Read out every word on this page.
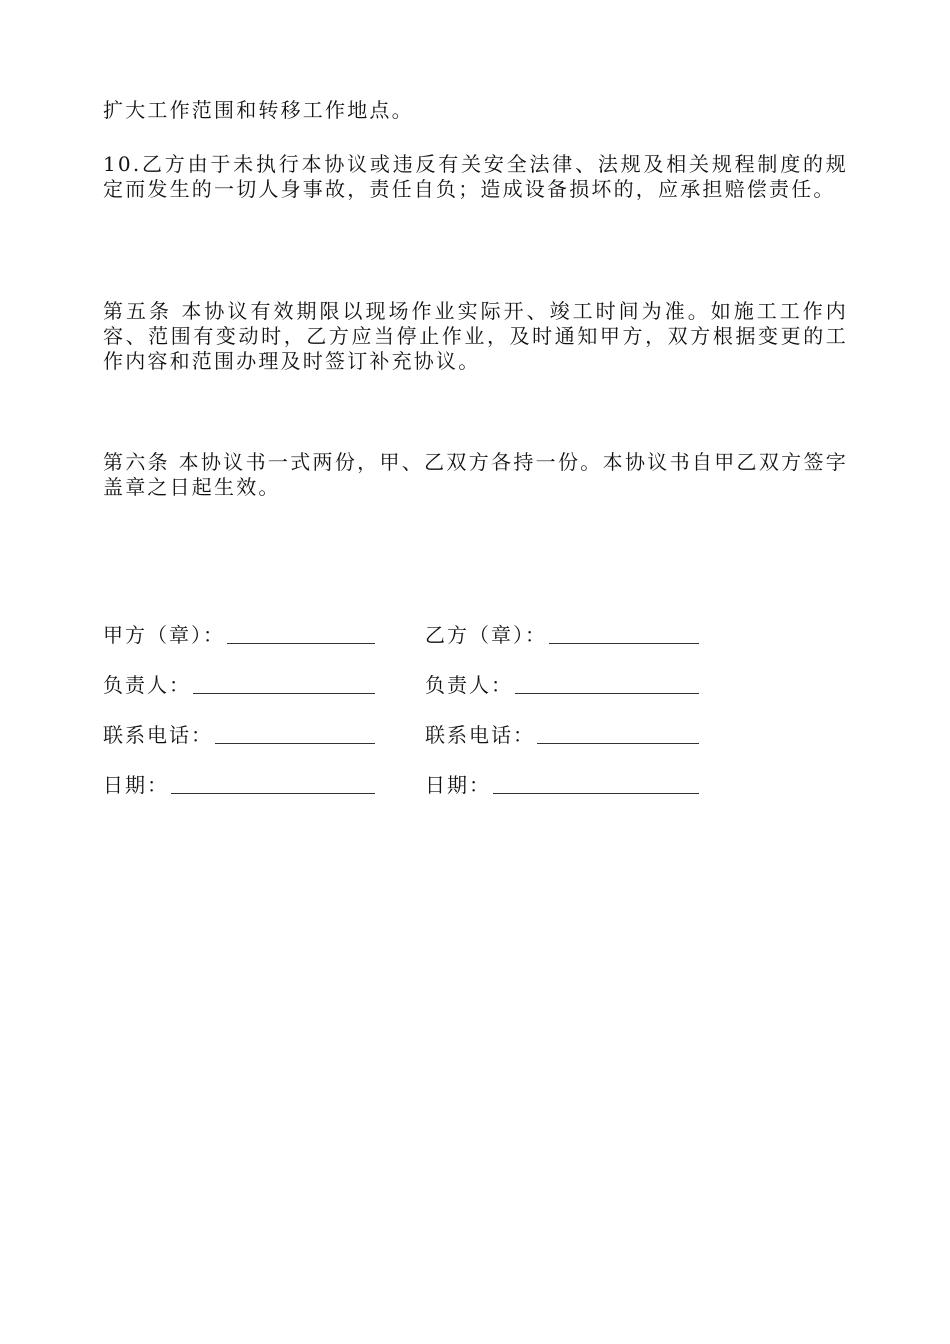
扩大工作范围和转移工作地点。

10.乙方由于未执行本协议或违反有关安全法律、法规及相关规程制度的规定而发生的一切人身事故，责任自负；造成设备损坏的，应承担赔偿责任。

第五条 本协议有效期限以现场作业实际开、竣工时间为准。如施工工作内容、范围有变动时，乙方应当停止作业，及时通知甲方，双方根据变更的工作内容和范围办理及时签订补充协议。

第六条 本协议书一式两份，甲、乙双方各持一份。本协议书自甲乙双方签字盖章之日起生效。

甲方（章）：	乙方（章）：
负责人：	负责人：
联系电话：	联系电话：
日期：	日期：
